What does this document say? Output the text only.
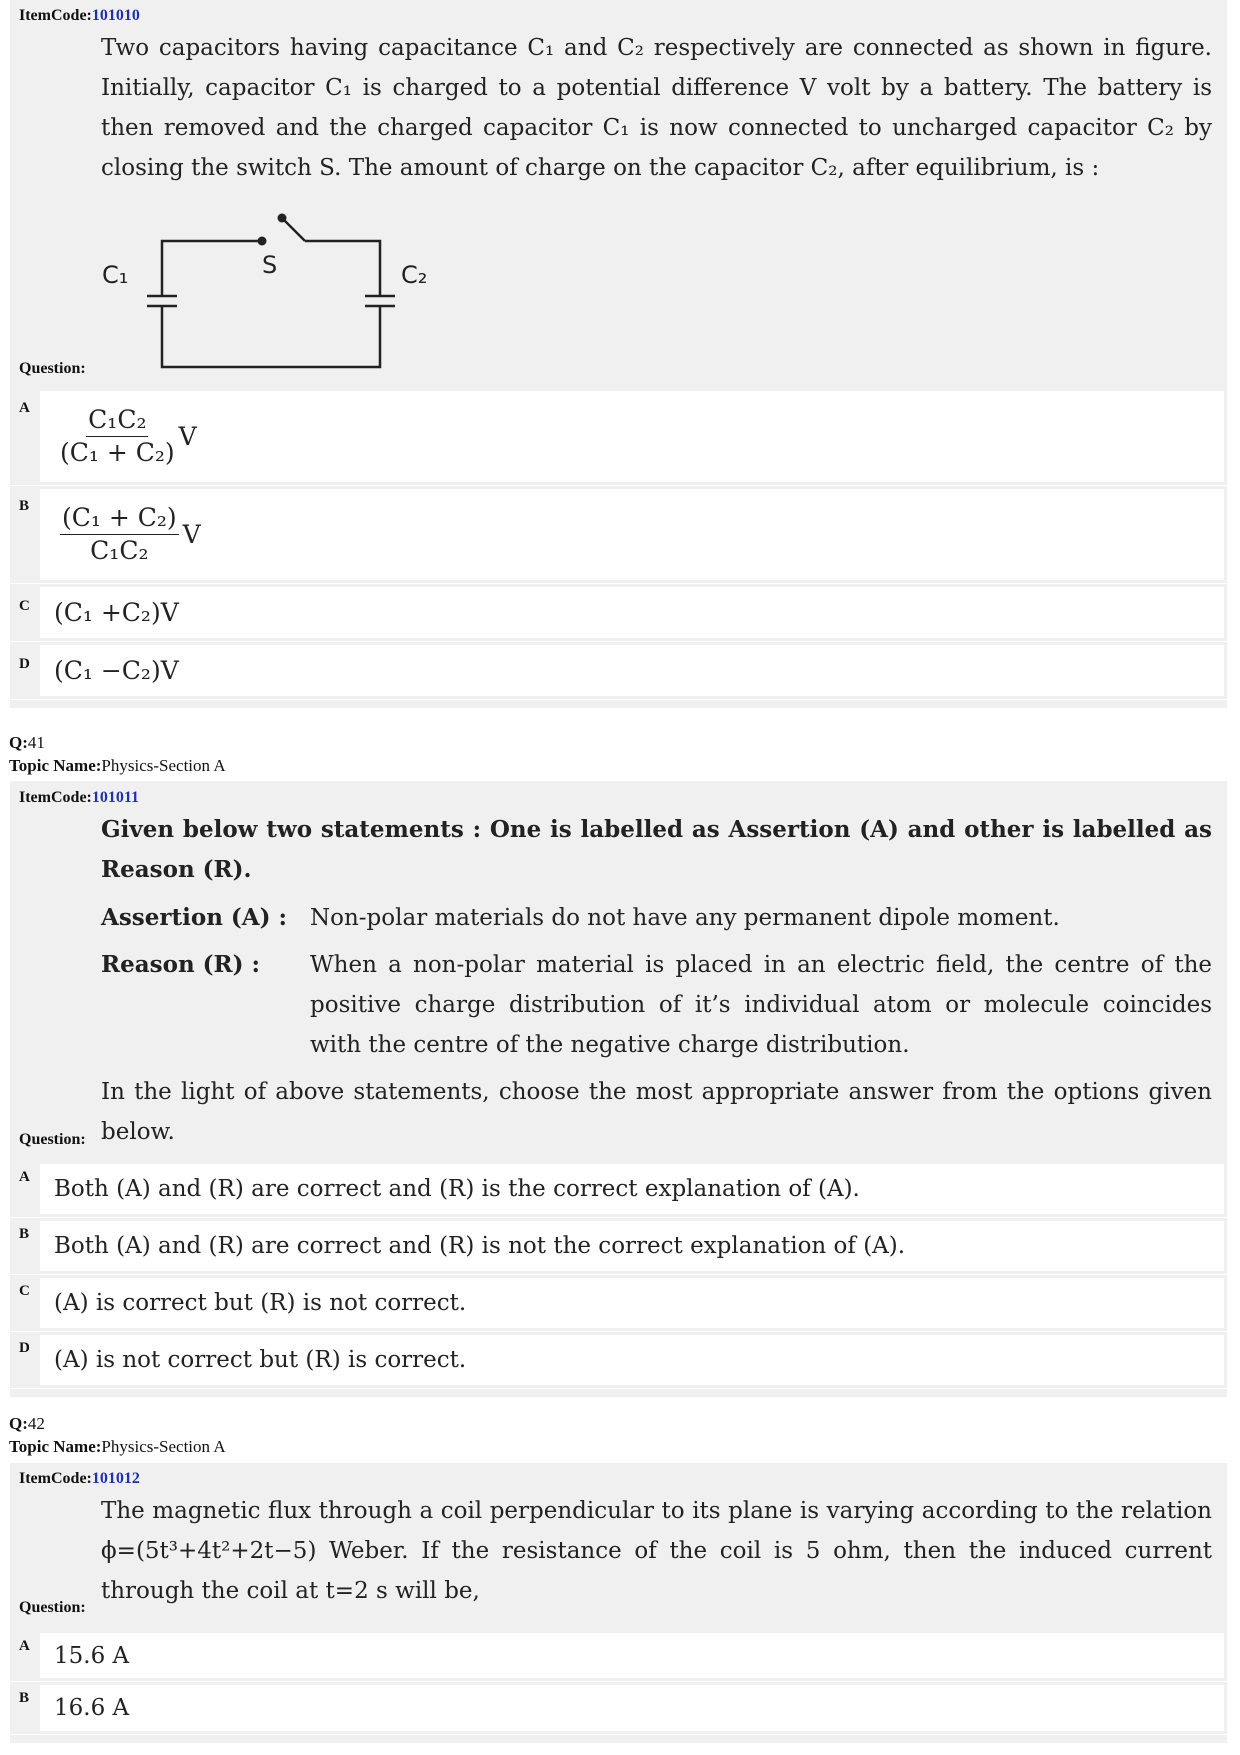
ItemCode:101010
Two capacitors having capacitance C₁ and C₂ respectively are connected as shown in figure. Initially, capacitor C₁ is charged to a potential difference V volt by a battery. The battery is then removed and the charged capacitor C₁ is now connected to uncharged capacitor C₂ by closing the switch S. The amount of charge on the capacitor C₂, after equilibrium, is :
S
C₁	C₂
Question:
A	$\frac{\text{C₁C₂}}{\text{(C₁ + C₂)}}$ V
B	$\frac{\text{(C₁ + C₂)}}{\text{C₁C₂}}$ V
C (C₁ +C₂)V
D (C₁ −C₂)V
Q:41
Topic Name:Physics-Section A
ItemCode:101011
Given below two statements : One is labelled as Assertion (A) and other is labelled as Reason (R).
Assertion (A) : Non-polar materials do not have any permanent dipole moment.
Reason (R) : When a non-polar material is placed in an electric field, the centre of the positive charge distribution of it’s individual atom or molecule coincides with the centre of the negative charge distribution.
In the light of above statements, choose the most appropriate answer from the options given below.
Question:
A	Both (A) and (R) are correct and (R) is the correct explanation of (A).
B	Both (A) and (R) are correct and (R) is not the correct explanation of (A).
C	(A) is correct but (R) is not correct.
D	(A) is not correct but (R) is correct.
Q:42
Topic Name:Physics-Section A
ItemCode:101012
The magnetic flux through a coil perpendicular to its plane is varying according to the relation ϕ=(5t³+4t²+2t−5) Weber. If the resistance of the coil is 5 ohm, then the induced current through the coil at t=2 s will be,
Question:
A	15.6 A
B	16.6 A
